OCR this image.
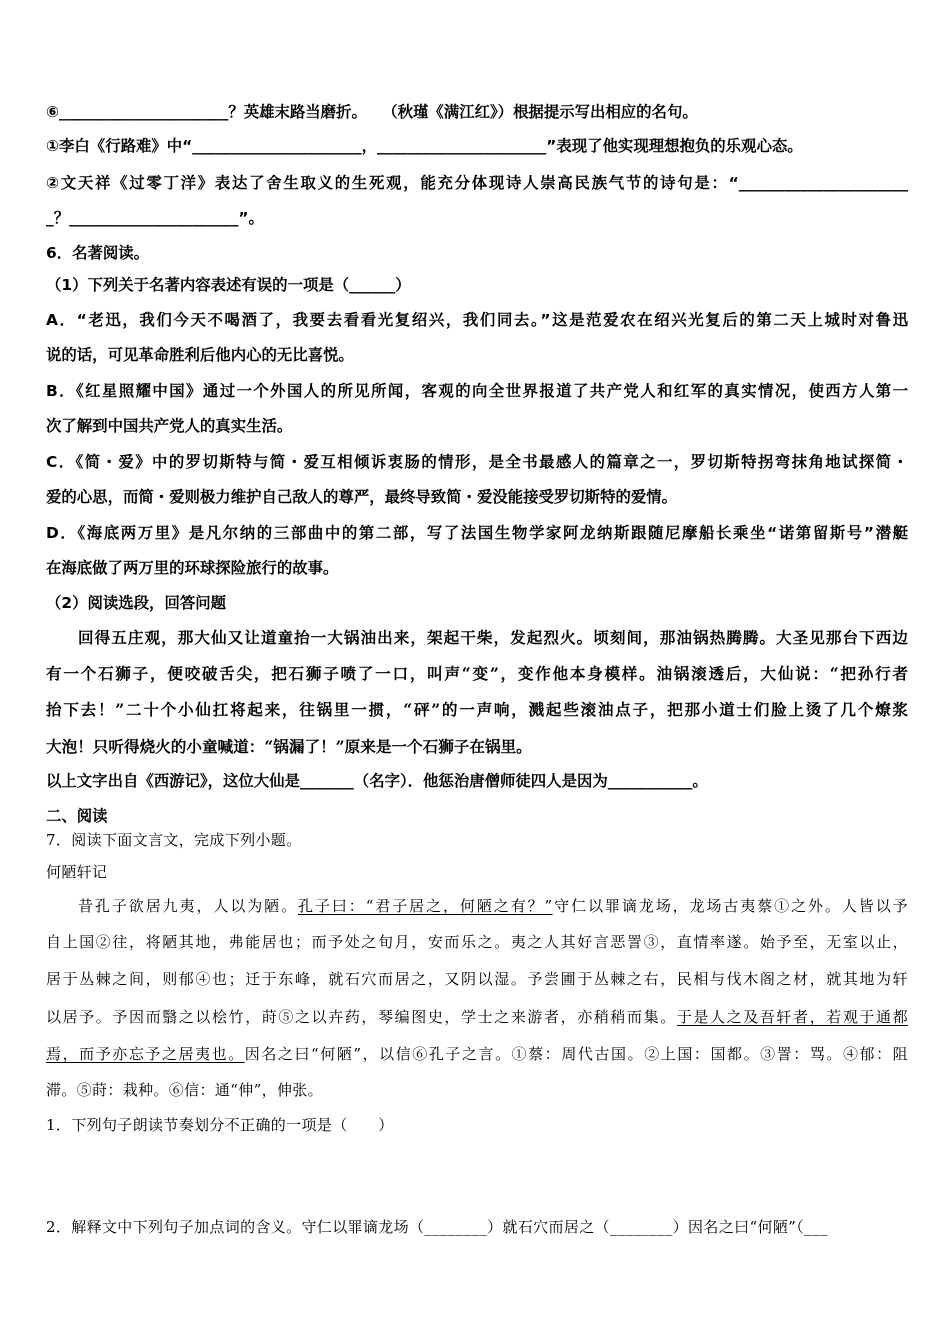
⑥______________________？英雄末路当磨折。　　（秋瑾《满江红》）根据提示写出相应的名句。
①李白《行路难》中“______________________，______________________”表现了他实现理想抱负的乐观心态。
②文天祥《过零丁洋》表达了舍生取义的生死观，能充分体现诗人崇高民族气节的诗句是：“______________________
_？______________________”。
6．名著阅读。
（1）下列关于名著内容表述有误的一项是（______）
A．“老迅，我们今天不喝酒了，我要去看看光复绍兴，我们同去。”这是范爱农在绍兴光复后的第二天上城时对鲁迅
说的话，可见革命胜利后他内心的无比喜悦。
B．《红星照耀中国》通过一个外国人的所见所闻，客观的向全世界报道了共产党人和红军的真实情况，使西方人第一
次了解到中国共产党人的真实生活。
C．《简・爱》中的罗切斯特与简・爱互相倾诉衷肠的情形，是全书最感人的篇章之一，罗切斯特拐弯抹角地试探简・
爱的心思，而简・爱则极力维护自己敌人的尊严，最终导致简・爱没能接受罗切斯特的爱情。
D．《海底两万里》是凡尔纳的三部曲中的第二部，写了法国生物学家阿龙纳斯跟随尼摩船长乘坐“诺第留斯号”潜艇
在海底做了两万里的环球探险旅行的故事。
（2）阅读选段，回答问题
回得五庄观，那大仙又让道童抬一大锅油出来，架起干柴，发起烈火。顷刻间，那油锅热腾腾。大圣见那台下西边
有一个石狮子，便咬破舌尖，把石狮子喷了一口，叫声“变”，变作他本身模样。油锅滚透后，大仙说：“把孙行者
抬下去！”二十个小仙扛将起来，往锅里一掼，“砰”的一声响，溅起些滚油点子，把那小道士们脸上烫了几个燎浆
大泡！只听得烧火的小童喊道：“锅漏了！”原来是一个石狮子在锅里。
以上文字出自《西游记》，这位大仙是_______（名字）．他惩治唐僧师徒四人是因为___________。
二、阅读
7．阅读下面文言文，完成下列小题。
何陋轩记
昔孔子欲居九夷，人以为陋。孔子曰：“君子居之，何陋之有？”守仁以罪谪龙场，龙场古夷蔡①之外。人皆以予
自上国②往，将陋其地，弗能居也；而予处之旬月，安而乐之。夷之人其好言恶詈③，直情率遂。始予至，无室以止，
居于丛棘之间，则郁④也；迁于东峰，就石穴而居之，又阴以湿。予尝圃于丛棘之右，民相与伐木阁之材，就其地为轩
以居予。予因而翳之以桧竹，莳⑤之以卉药，琴编图史，学士之来游者，亦稍稍而集。于是人之及吾轩者，若观于通都
焉，而予亦忘予之居夷也。因名之曰“何陋”，以信⑥孔子之言。①蔡：周代古国。②上国：国都。③詈：骂。④郁：阻
滞。⑤莳：栽种。⑥信：通“伸”，伸张。
1．下列句子朗读节奏划分不正确的一项是（　　）
2．解释文中下列句子加点词的含义。守仁以罪谪龙场（________）就石穴而居之（________）因名之曰“何陋”（___
